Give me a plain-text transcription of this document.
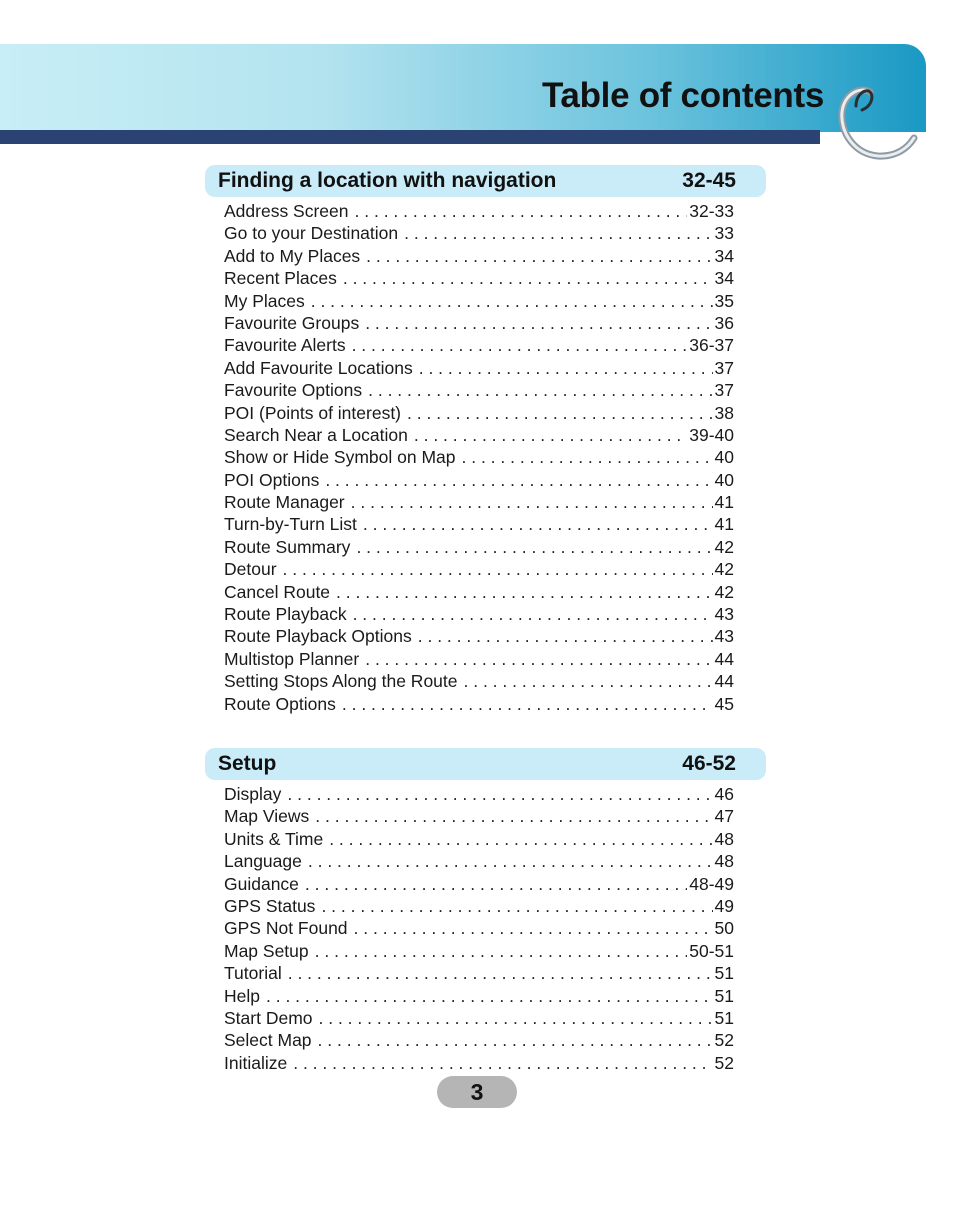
Table of contents
Finding a location with navigation	32-45
Address Screen . . .	32-33
Go to your Destination . . .	33
Add to My Places . . .	34
Recent Places . . .	34
My Places . . .	35
Favourite Groups . . .	36
Favourite Alerts . . .	36-37
Add Favourite Locations . . .	37
Favourite Options . . .	37
POI (Points of interest) . . .	38
Search Near a Location . . .	39-40
Show or Hide Symbol on Map . . .	40
POI Options . . .	40
Route Manager . . .	41
Turn-by-Turn List . . .	41
Route Summary . . .	42
Detour . . .	42
Cancel Route . . .	42
Route Playback . . .	43
Route Playback Options . . .	43
Multistop Planner . . .	44
Setting Stops Along the Route . . .	44
Route Options . . .	45
Setup	46-52
Display . . .	46
Map Views . . .	47
Units & Time . . .	48
Language . . .	48
Guidance . . .	48-49
GPS Status . . .	49
GPS Not Found . . .	50
Map Setup . . .	50-51
Tutorial . . .	51
Help . . .	51
Start Demo . . .	51
Select Map . . .	52
Initialize . . .	52
3
